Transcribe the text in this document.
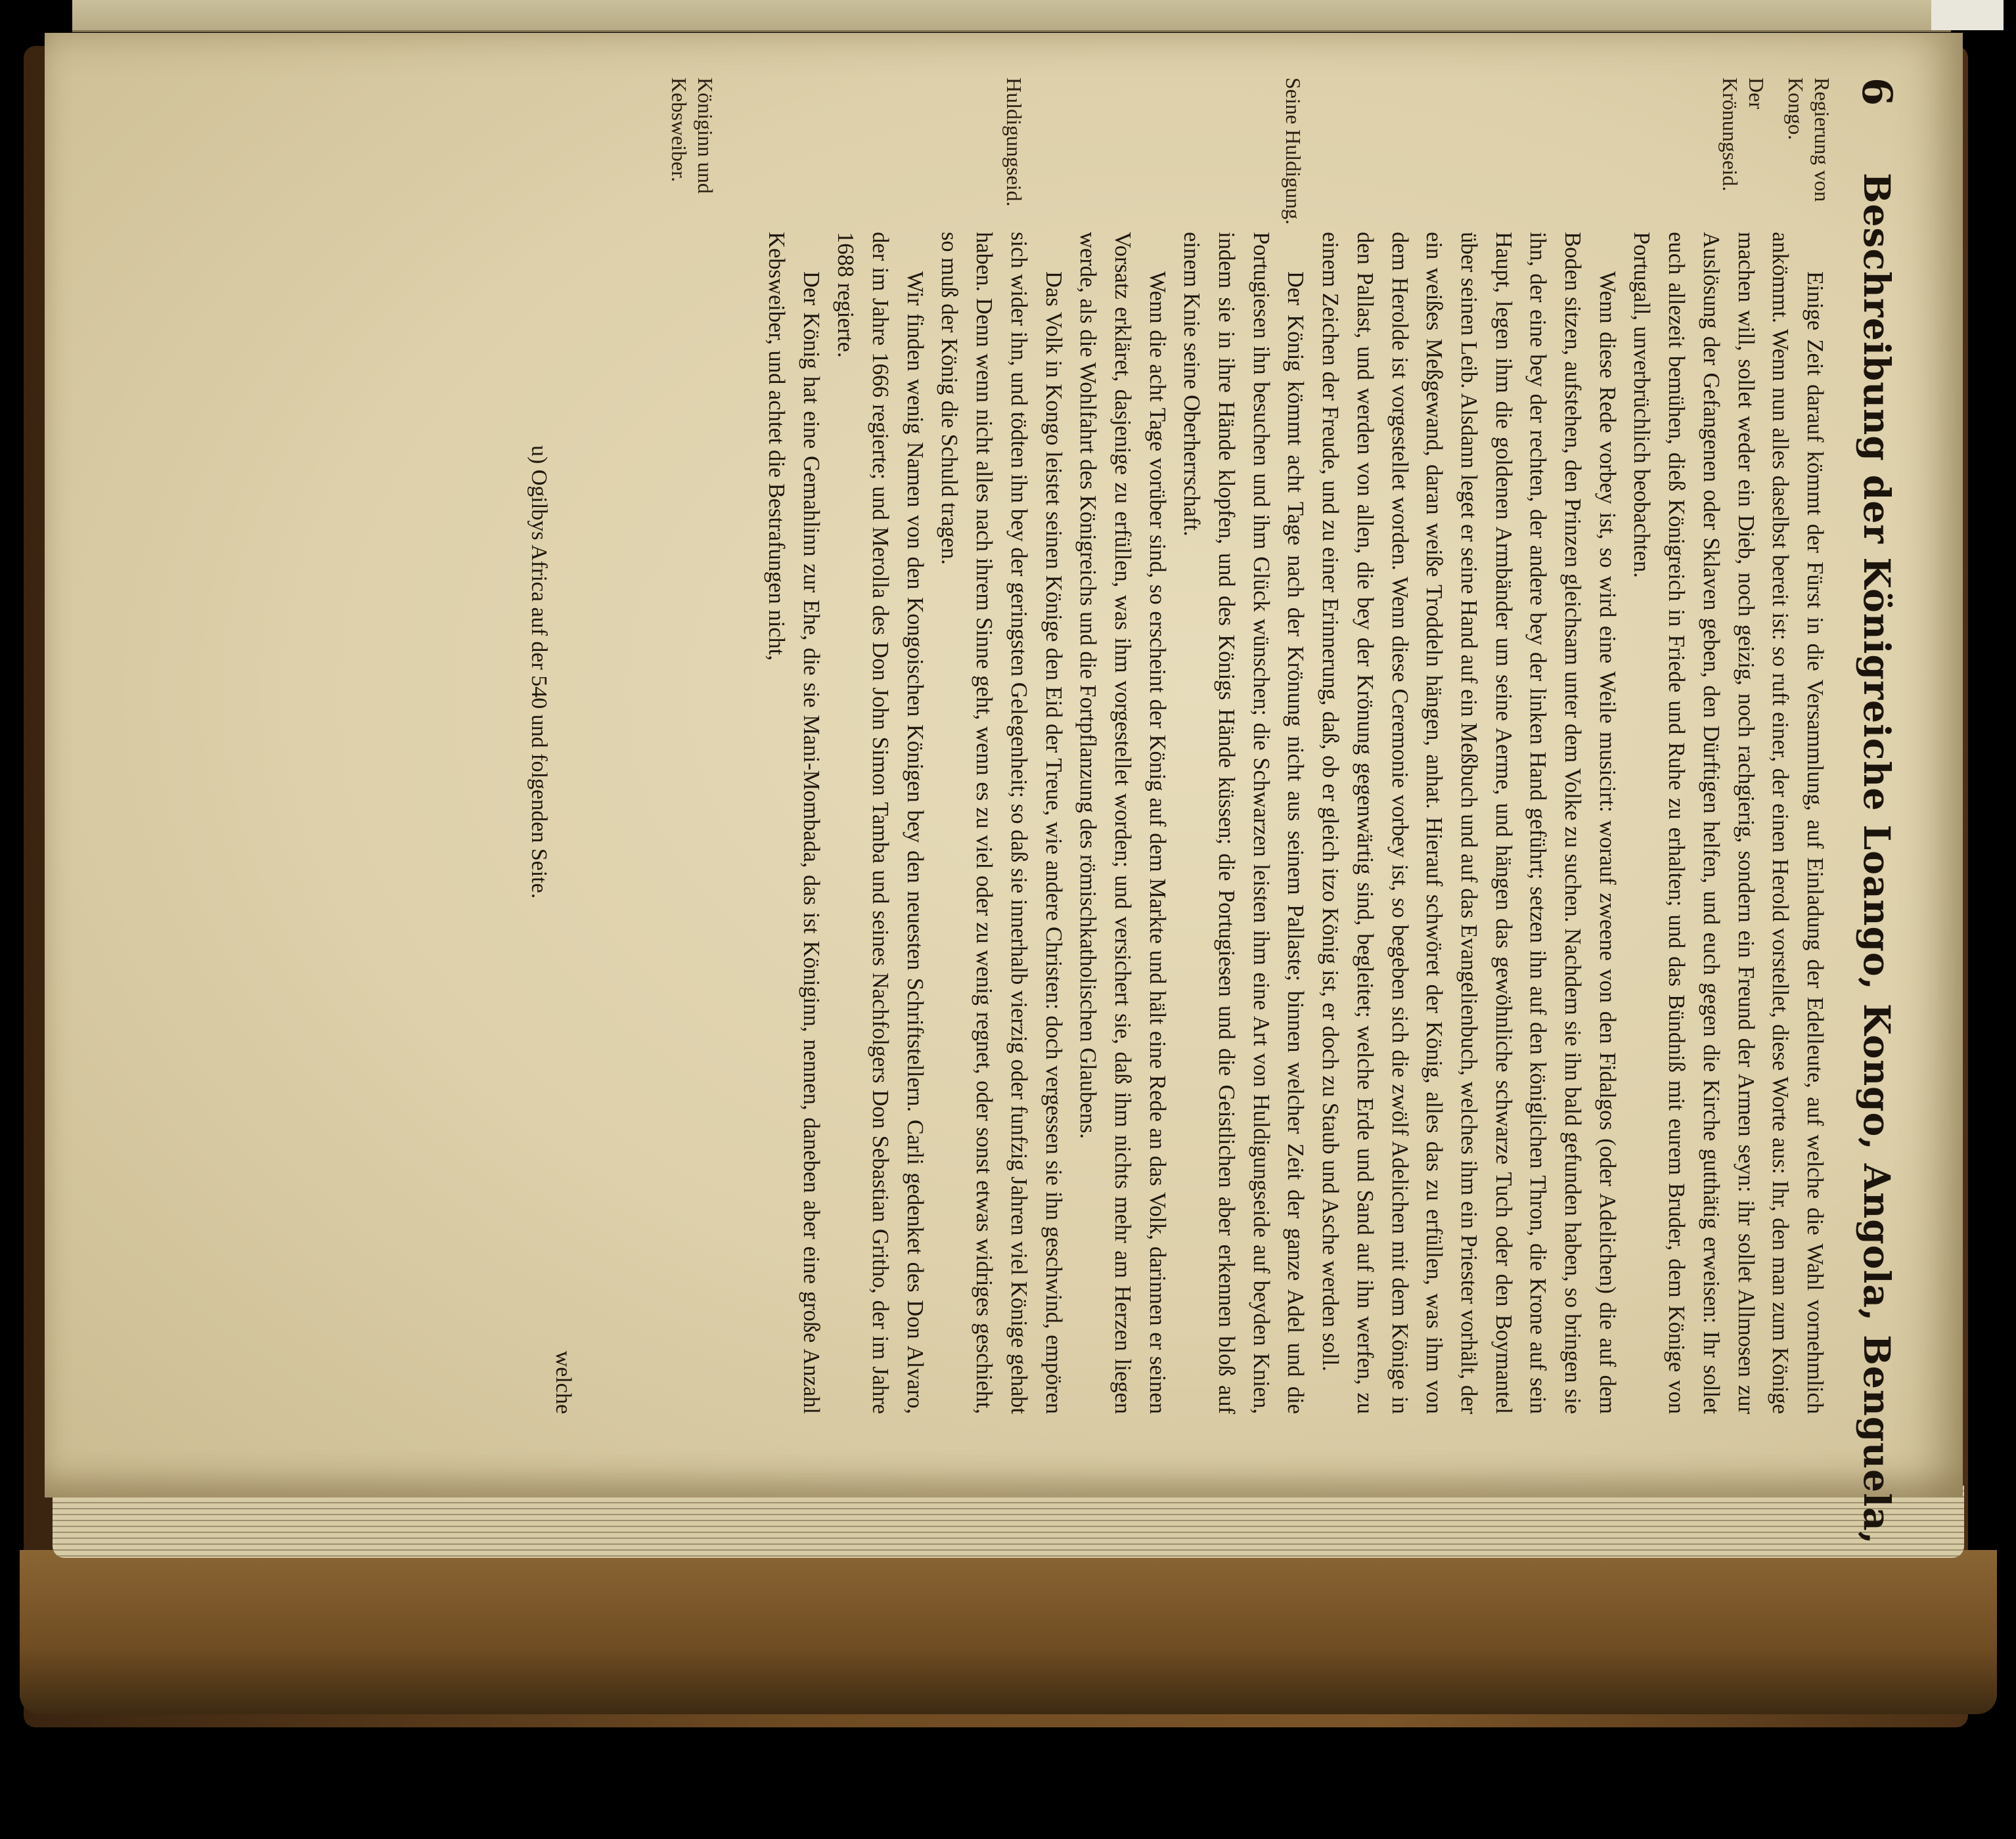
6
Beschreibung der Königreiche Loango, Kongo, Angola, Benguela,
Regierung von Kongo.
Der Krönungseid.
Seine Huldigung.
Huldigungseid.
Königinn und Kebsweiber.

Einige Zeit darauf kömmt der Fürst in die Versammlung, auf Einladung der Edelleute, auf welche die Wahl vornehmlich ankömmt. Wenn nun alles daselbst bereit ist: so ruft einer, der einen Herold vorstellet, diese Worte aus: Ihr, den man zum Könige machen will, sollet weder ein Dieb, noch geizig, noch rachgierig, sondern ein Freund der Armen seyn: ihr sollet Allmosen zur Auslösung der Gefangenen oder Sklaven geben, den Dürftigen helfen, und euch gegen die Kirche gutthätig erweisen: Ihr sollet euch allezeit bemühen, dieß Königreich in Friede und Ruhe zu erhalten; und das Bündniß mit eurem Bruder, dem Könige von Portugall, unverbrüchlich beobachten.

Wenn diese Rede vorbey ist, so wird eine Weile musicirt: worauf zweene von den Fidalgos (oder Adelichen) die auf dem Boden sitzen, aufstehen, den Prinzen gleichsam unter dem Volke zu suchen. Nachdem sie ihn bald gefunden haben, so bringen sie ihn, der eine bey der rechten, der andere bey der linken Hand geführt; setzen ihn auf den königlichen Thron, die Krone auf sein Haupt, legen ihm die goldenen Armbänder um seine Aerme, und hängen das gewöhnliche schwarze Tuch oder den Boymantel über seinen Leib. Alsdann leget er seine Hand auf ein Meßbuch und auf das Evangelienbuch, welches ihm ein Priester vorhält, der ein weißes Meßgewand, daran weiße Troddeln hängen, anhat. Hierauf schwöret der König, alles das zu erfüllen, was ihm von dem Herolde ist vorgestellet worden. Wenn diese Ceremonie vorbey ist, so begeben sich die zwölf Adelichen mit dem Könige in den Pallast, und werden von allen, die bey der Krönung gegenwärtig sind, begleitet; welche Erde und Sand auf ihn werfen, zu einem Zeichen der Freude, und zu einer Erinnerung, daß, ob er gleich itzo König ist, er doch zu Staub und Asche werden soll.

Der König kömmt acht Tage nach der Krönung nicht aus seinem Pallaste; binnen welcher Zeit der ganze Adel und die Portugiesen ihn besuchen und ihm Glück wünschen; die Schwarzen leisten ihm eine Art von Huldigungseide auf beyden Knien, indem sie in ihre Hände klopfen, und des Königs Hände küssen; die Portugiesen und die Geistlichen aber erkennen bloß auf einem Knie seine Oberherrschaft.

Wenn die acht Tage vorüber sind, so erscheint der König auf dem Markte und hält eine Rede an das Volk, darinnen er seinen Vorsatz erkläret, dasjenige zu erfüllen, was ihm vorgestellet worden; und versichert sie, daß ihm nichts mehr am Herzen liegen werde, als die Wohlfahrt des Königreichs und die Fortpflanzung des römischkatholischen Glaubens.

Das Volk in Kongo leistet seinen Könige den Eid der Treue, wie andere Christen: doch vergessen sie ihn geschwind, empören sich wider ihn, und tödten ihn bey der geringsten Gelegenheit; so daß sie innerhalb vierzig oder funfzig Jahren viel Könige gehabt haben. Denn wenn nicht alles nach ihrem Sinne geht, wenn es zu viel oder zu wenig regnet, oder sonst etwas widriges geschieht, so muß der König die Schuld tragen.

Wir finden wenig Namen von den Kongoischen Königen bey den neuesten Schriftstellern. Carli gedenket des Don Alvaro, der im Jahre 1666 regierte; und Merolla des Don John Simon Tamba und seines Nachfolgers Don Sebastian Gritho, der im Jahre 1688 regierte.

Der König hat eine Gemahlinn zur Ehe, die sie Mani-Mombada, das ist Königinn, nennen, daneben aber eine große Anzahl Kebsweiber, und achtet die Bestrafungen nicht,

welche
u) Ogilbys Africa auf der 540 und folgenden Seite.
